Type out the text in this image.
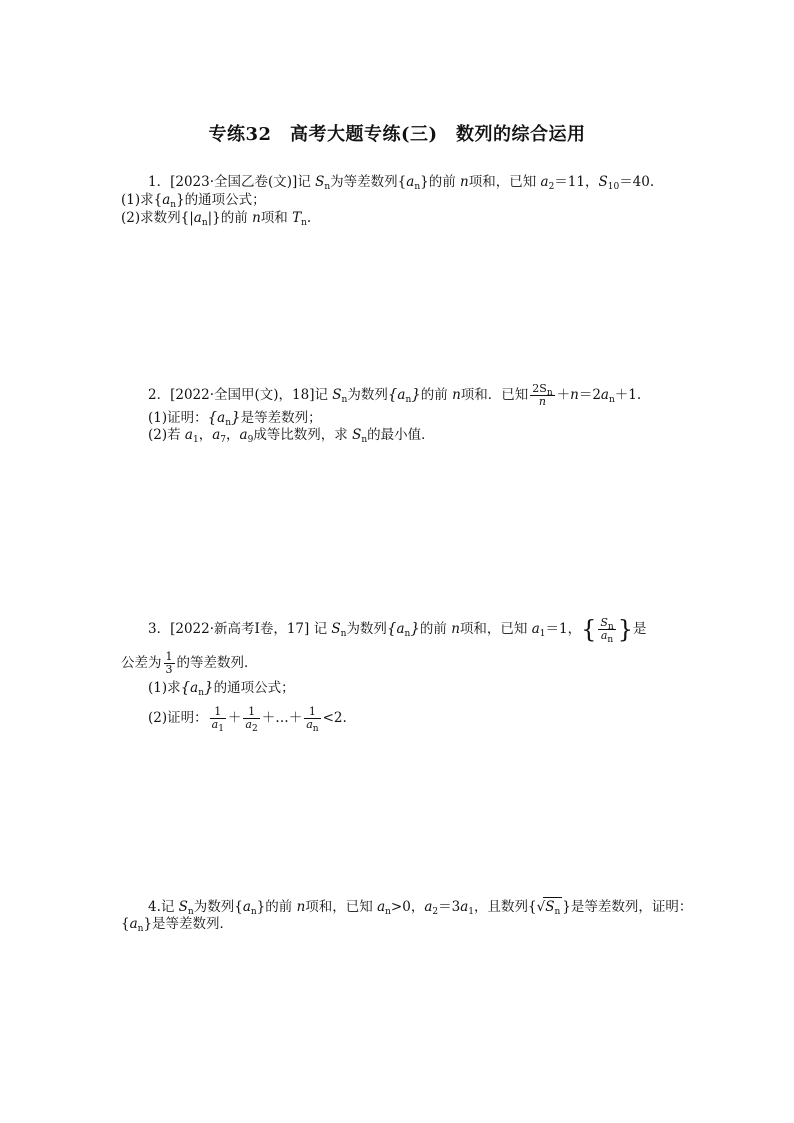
专练32　高考大题专练(三)　数列的综合运用
1．[2023·全国乙卷(文)]记 $S_n$为等差数列$\{a_n\}$的前 n项和，已知 $a_2=11$，$S_{10}=40$.
(1)求$\{a_n\}$的通项公式；
(2)求数列$\{|a_n|\}$的前 n项和 $T_n$.
2．[2022·全国甲(文)，18]记 $S_n$为数列$\{a_n\}$的前 n项和．已知 $\frac{2S_n}{n} +n=2a_n+1$.
(1)证明：$\{a_n\}$是等差数列；
(2)若 $a_1$，$a_7$，$a_9$成等比数列，求 $S_n$的最小值．
3．[2022·新高考Ⅰ卷，17] 记 $S_n$为数列$\{a_n\}$的前 n项和，已知 $a_1=1$，{ $\frac{S_n}{a_n}$ }是
公差为 $\frac{1}{3}$ 的等差数列．
(1)求$\{a_n\}$的通项公式；
(2)证明： $\frac{1}{a_1} + \frac{1}{a_2}$ ＋…＋ $\frac{1}{a_n} <2$.
4.记 $S_n$为数列$\{a_n\}$的前 n项和，已知 $a_n>0$，$a_2=3a_1$，且数列{$√S_n$ }是等差数列，证明：
$\{a_n\}$是等差数列．
